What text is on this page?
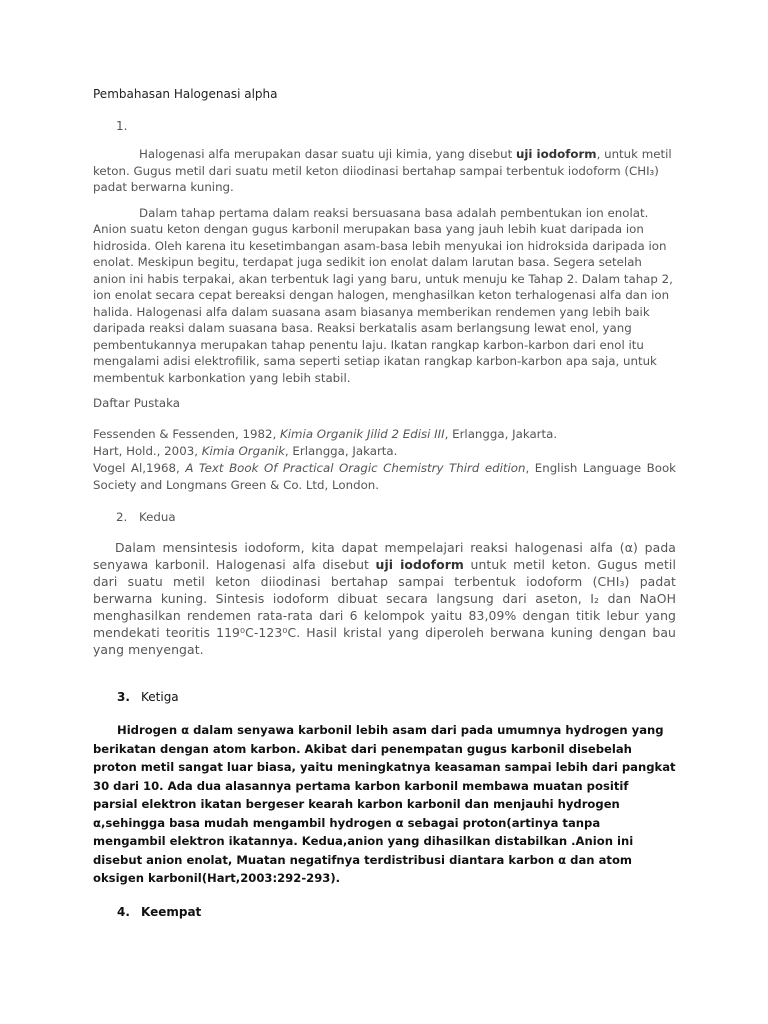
Pembahasan Halogenasi alpha
1.

Halogenasi alfa merupakan dasar suatu uji kimia, yang disebut uji iodoform, untuk metil keton. Gugus metil dari suatu metil keton diiodinasi bertahap sampai terbentuk iodoform (CHI₃) padat berwarna kuning.

Dalam tahap pertama dalam reaksi bersuasana basa adalah pembentukan ion enolat. Anion suatu keton dengan gugus karbonil merupakan basa yang jauh lebih kuat daripada ion hidrosida. Oleh karena itu kesetimbangan asam-basa lebih menyukai ion hidroksida daripada ion enolat. Meskipun begitu, terdapat juga sedikit ion enolat dalam larutan basa. Segera setelah anion ini habis terpakai, akan terbentuk lagi yang baru, untuk menuju ke Tahap 2. Dalam tahap 2, ion enolat secara cepat bereaksi dengan halogen, menghasilkan keton terhalogenasi alfa dan ion halida. Halogenasi alfa dalam suasana asam biasanya memberikan rendemen yang lebih baik daripada reaksi dalam suasana basa. Reaksi berkatalis asam berlangsung lewat enol, yang pembentukannya merupakan tahap penentu laju. Ikatan rangkap karbon-karbon dari enol itu mengalami adisi elektrofilik, sama seperti setiap ikatan rangkap karbon-karbon apa saja, untuk membentuk karbonkation yang lebih stabil.

Daftar Pustaka

Fessenden & Fessenden, 1982, Kimia Organik Jilid 2 Edisi III, Erlangga, Jakarta.

Hart, Hold., 2003, Kimia Organik, Erlangga, Jakarta.

Vogel Al,1968, A Text Book Of Practical Oragic Chemistry Third edition, English Language Book Society and Longmans Green & Co. Ltd, London.

2. Kedua

Dalam mensintesis iodoform, kita dapat mempelajari reaksi halogenasi alfa (α) pada senyawa karbonil. Halogenasi alfa disebut uji iodoform untuk metil keton. Gugus metil dari suatu metil keton diiodinasi bertahap sampai terbentuk iodoform (CHI₃) padat berwarna kuning. Sintesis iodoform dibuat secara langsung dari aseton, I₂ dan NaOH menghasilkan rendemen rata-rata dari 6 kelompok yaitu 83,09% dengan titik lebur yang mendekati teoritis 119⁰C-123⁰C. Hasil kristal yang diperoleh berwana kuning dengan bau yang menyengat.

3. Ketiga

Hidrogen α dalam senyawa karbonil lebih asam dari pada umumnya hydrogen yang berikatan dengan atom karbon. Akibat dari penempatan gugus karbonil disebelah proton metil sangat luar biasa, yaitu meningkatnya keasaman sampai lebih dari pangkat 30 dari 10. Ada dua alasannya pertama karbon karbonil membawa muatan positif parsial elektron ikatan bergeser kearah karbon karbonil dan menjauhi hydrogen α,sehingga basa mudah mengambil hydrogen α sebagai proton(artinya tanpa mengambil elektron ikatannya. Kedua,anion yang dihasilkan distabilkan .Anion ini disebut anion enolat, Muatan negatifnya terdistribusi diantara karbon α dan atom oksigen karbonil(Hart,2003:292-293).

4. Keempat
